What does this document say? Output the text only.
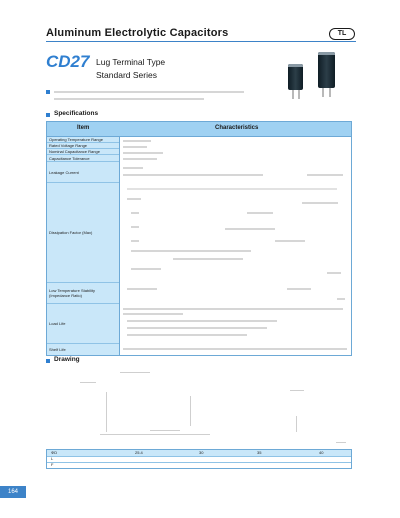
Aluminum Electrolytic Capacitors	TL
CD27 Lug Terminal Type
Standard Series
Specifications
Item	Characteristics
Operating Temperature Range
Rated Voltage Range
Nominal Capacitance Range
Capacitance Tolerance
Leakage Current
Dissipation Factor (Max)
Low Temperature Stability
(Impedance Ratio)
Load Life
Shelf Life
Drawing
ΦD	25.4	30	35	40
L
F
164
